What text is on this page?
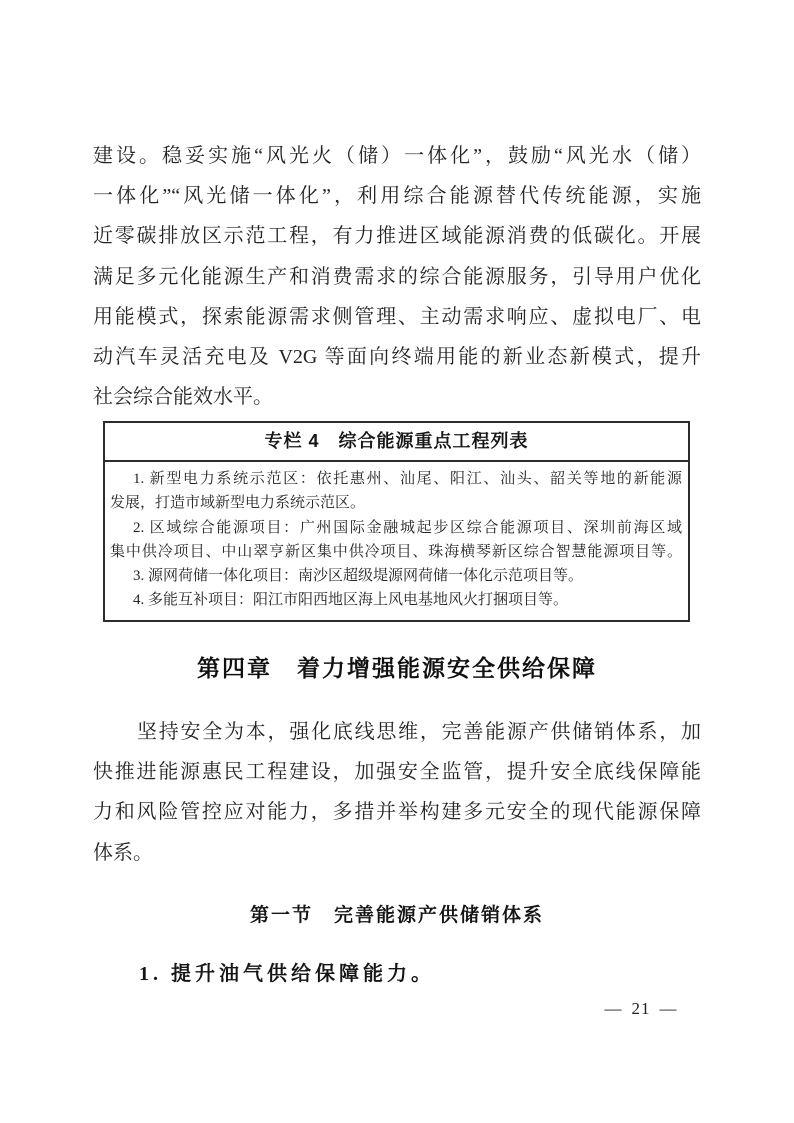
建设。稳妥实施“风光火（储）一体化”，鼓励“风光水（储）
一体化”“风光储一体化”，利用综合能源替代传统能源，实施
近零碳排放区示范工程，有力推进区域能源消费的低碳化。开展
满足多元化能源生产和消费需求的综合能源服务，引导用户优化
用能模式，探索能源需求侧管理、主动需求响应、虚拟电厂、电
动汽车灵活充电及 V2G 等面向终端用能的新业态新模式，提升
社会综合能效水平。
专栏 4　综合能源重点工程列表
1. 新型电力系统示范区：依托惠州、汕尾、阳江、汕头、韶关等地的新能源
发展，打造市域新型电力系统示范区。
2. 区域综合能源项目：广州国际金融城起步区综合能源项目、深圳前海区域
集中供冷项目、中山翠亨新区集中供冷项目、珠海横琴新区综合智慧能源项目等。
3. 源网荷储一体化项目：南沙区超级堤源网荷储一体化示范项目等。
4. 多能互补项目：阳江市阳西地区海上风电基地风火打捆项目等。
第四章　着力增强能源安全供给保障
坚持安全为本，强化底线思维，完善能源产供储销体系，加
快推进能源惠民工程建设，加强安全监管，提升安全底线保障能
力和风险管控应对能力，多措并举构建多元安全的现代能源保障
体系。
第一节　完善能源产供储销体系
1. 提升油气供给保障能力。
— 21 —
